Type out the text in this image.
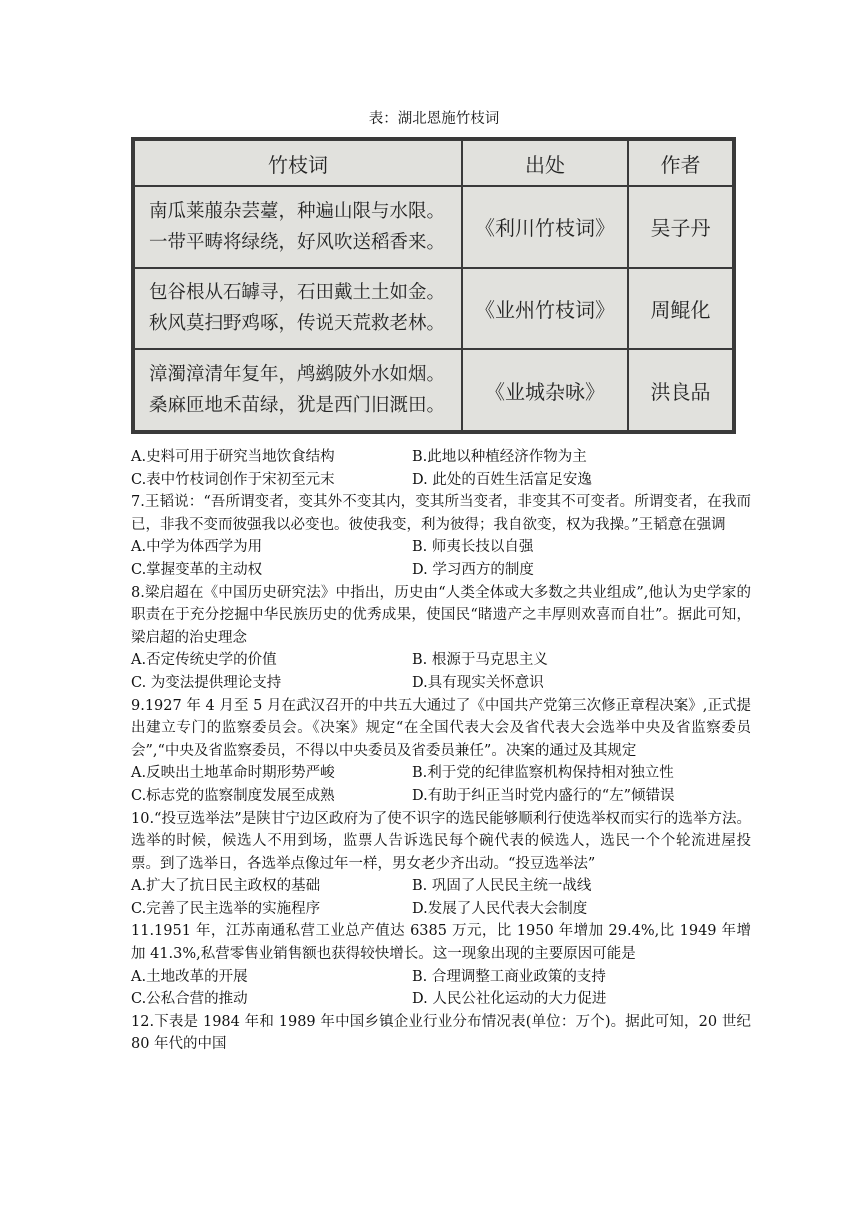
表：湖北恩施竹枝词
竹枝词	出处	作者

南瓜莱菔杂芸薹，种遍山限与水限。
一带平畴将绿绕，好风吹送稻香来。	《利川竹枝词》	吴子丹

包谷根从石罅寻，石田戴土土如金。
秋风莫扫野鸡啄，传说天荒救老林。	《业州竹枝词》	周鲲化

漳濁漳清年复年，鸬鹚陂外水如烟。
桑麻匝地禾苗绿，犹是西门旧溉田。	《业城杂咏》	洪良品
A.史料可用于研究当地饮食结构	B.此地以种植经济作物为主
C.表中竹枝词创作于宋初至元末	D. 此处的百姓生活富足安逸
7.王韬说：“吾所谓变者，变其外不变其内，变其所当变者，非变其不可变者。所谓变者，在我而已，非我不变而彼强我以必变也。彼使我变，利为彼得；我自欲变，权为我操。”王韬意在强调
A.中学为体西学为用	B. 师夷长技以自强
C.掌握变革的主动权	D. 学习西方的制度
8.梁启超在《中国历史研究法》中指出，历史由“人类全体或大多数之共业组成”,他认为史学家的职责在于充分挖掘中华民族历史的优秀成果，使国民“睹遗产之丰厚则欢喜而自壮”。据此可知，梁启超的治史理念
A.否定传统史学的价值	B. 根源于马克思主义
C. 为变法提供理论支持	D.具有现实关怀意识
9.1927 年 4 月至 5 月在武汉召开的中共五大通过了《中国共产党第三次修正章程决案》,正式提出建立专门的监察委员会。《决案》规定“在全国代表大会及省代表大会选举中央及省监察委员会”,“中央及省监察委员，不得以中央委员及省委员兼任”。决案的通过及其规定
A.反映出土地革命时期形势严峻	B.利于党的纪律监察机构保持相对独立性
C.标志党的监察制度发展至成熟	D.有助于纠正当时党内盛行的“左”倾错误
10.“投豆选举法”是陕甘宁边区政府为了使不识字的选民能够顺利行使选举权而实行的选举方法。选举的时候，候选人不用到场，监票人告诉选民每个碗代表的候选人，选民一个个轮流进屋投票。到了选举日，各选举点像过年一样，男女老少齐出动。“投豆选举法”
A.扩大了抗日民主政权的基础	B. 巩固了人民民主统一战线
C.完善了民主选举的实施程序	D.发展了人民代表大会制度
11.1951 年，江苏南通私营工业总产值达 6385 万元，比 1950 年增加 29.4%,比 1949 年增加 41.3%,私营零售业销售额也获得较快增长。这一现象出现的主要原因可能是
A.土地改革的开展	B. 合理调整工商业政策的支持
C.公私合营的推动	D. 人民公社化运动的大力促进
12.下表是 1984 年和 1989 年中国乡镇企业行业分布情况表(单位：万个)。据此可知，20 世纪 80 年代的中国
